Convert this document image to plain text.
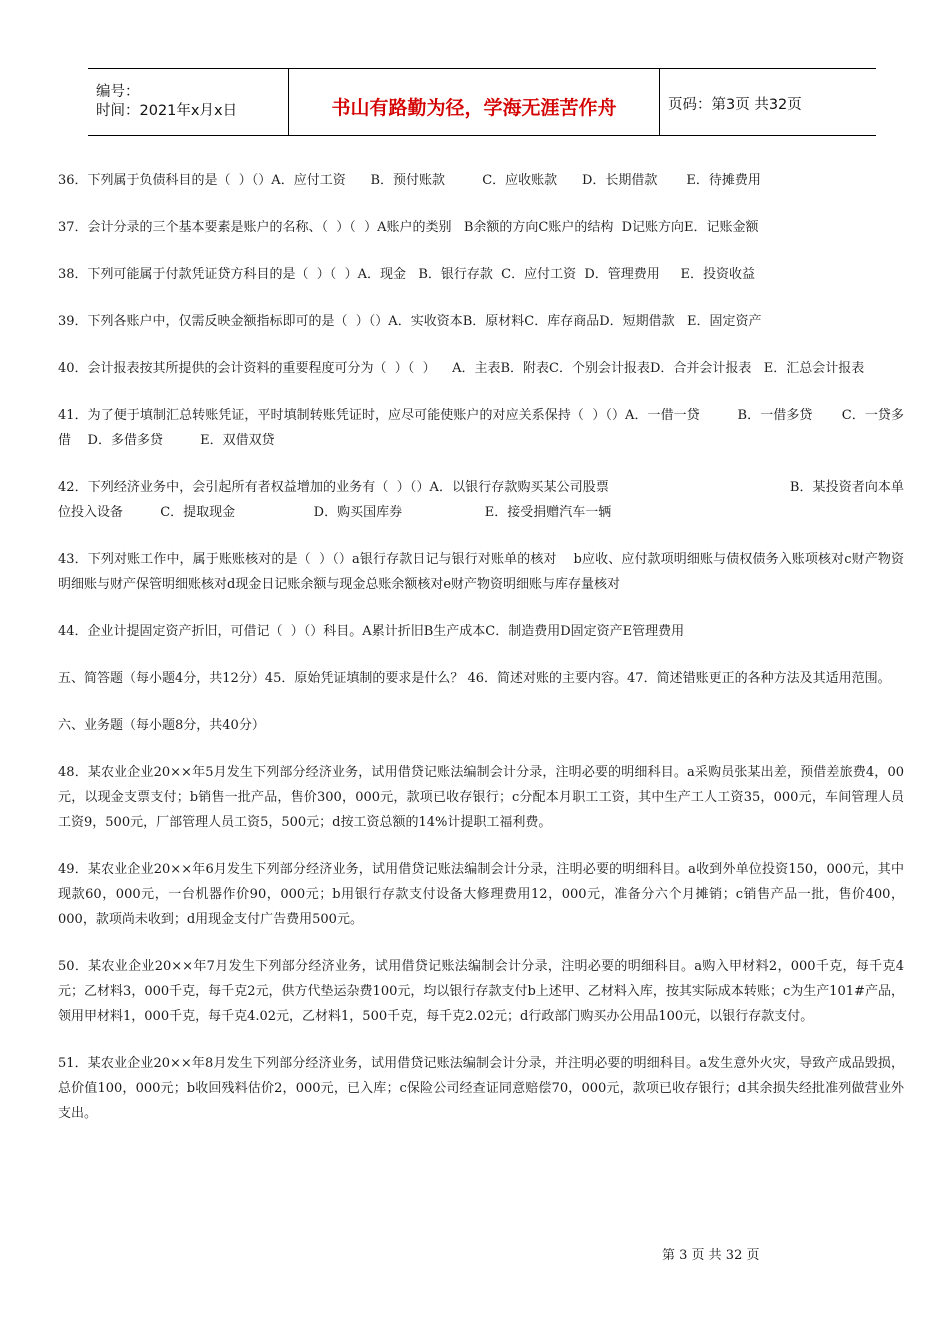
编号：
时间：2021年x月x日	书山有路勤为径，学海无涯苦作舟	页码：第3页 共32页

36．下列属于负债科目的是（  ）（）A．应付工资      B．预付账款         C．应收账款      D．长期借款       E．待摊费用

37．会计分录的三个基本要素是账户的名称、（  ）（  ）A账户的类别   B余额的方向C账户的结构  D记账方向E．记账金额

38．下列可能属于付款凭证贷方科目的是（  ）（  ）A．现金   B．银行存款  C．应付工资  D．管理费用     E．投资收益

39．下列各账户中，仅需反映金额指标即可的是（  ）（）A．实收资本B．原材料C．库存商品D．短期借款   E．固定资产

40．会计报表按其所提供的会计资料的重要程度可分为（  ）（  ）    A．主表B．附表C．个别会计报表D．合并会计报表   E．汇总会计报表

41．为了便于填制汇总转账凭证，平时填制转账凭证时，应尽可能使账户的对应关系保持（  ）（）A．一借一贷         B．一借多贷       C．一贷多借    D．多借多贷         E．双借双贷

42．下列经济业务中，会引起所有者权益增加的业务有（  ）（）A．以银行存款购买某公司股票                                           B．某投资者向本单位投入设备         C．提取现金                   D．购买国库券                    E．接受捐赠汽车一辆

43．下列对账工作中，属于账账核对的是（  ）（）a银行存款日记与银行对账单的核对    b应收、应付款项明细账与债权债务入账项核对c财产物资明细账与财产保管明细账核对d现金日记账余额与现金总账余额核对e财产物资明细账与库存量核对

44．企业计提固定资产折旧，可借记（  ）（）科目。A累计折旧B生产成本C．制造费用D固定资产E管理费用

五、简答题（每小题4分，共12分）45．原始凭证填制的要求是什么？ 46．简述对账的主要内容。47．简述错账更正的各种方法及其适用范围。

六、业务题（每小题8分，共40分）

48．某农业企业20××年5月发生下列部分经济业务，试用借贷记账法编制会计分录，注明必要的明细科目。a采购员张某出差，预借差旅费4，00元，以现金支票支付；b销售一批产品，售价300，000元，款项已收存银行；c分配本月职工工资，其中生产工人工资35，000元，车间管理人员工资9，500元，厂部管理人员工资5，500元；d按工资总额的14%计提职工福利费。

49．某农业企业20××年6月发生下列部分经济业务，试用借贷记账法编制会计分录，注明必要的明细科目。a收到外单位投资150，000元，其中现款60，000元，一台机器作价90，000元；b用银行存款支付设备大修理费用12，000元，准备分六个月摊销；c销售产品一批，售价400，000，款项尚未收到；d用现金支付广告费用500元。

50．某农业企业20××年7月发生下列部分经济业务，试用借贷记账法编制会计分录，注明必要的明细科目。a购入甲材料2，000千克，每千克4元；乙材料3，000千克，每千克2元，供方代垫运杂费100元，均以银行存款支付b上述甲、乙材料入库，按其实际成本转账；c为生产101#产品，领用甲材料1，000千克，每千克4.02元，乙材料1，500千克，每千克2.02元；d行政部门购买办公用品100元，以银行存款支付。

51．某农业企业20××年8月发生下列部分经济业务，试用借贷记账法编制会计分录，并注明必要的明细科目。a发生意外火灾，导致产成品毁损，总价值100，000元；b收回残料估价2，000元，已入库；c保险公司经查证同意赔偿70，000元，款项已收存银行；d其余损失经批准列做营业外支出。

第 3 页 共 32 页
